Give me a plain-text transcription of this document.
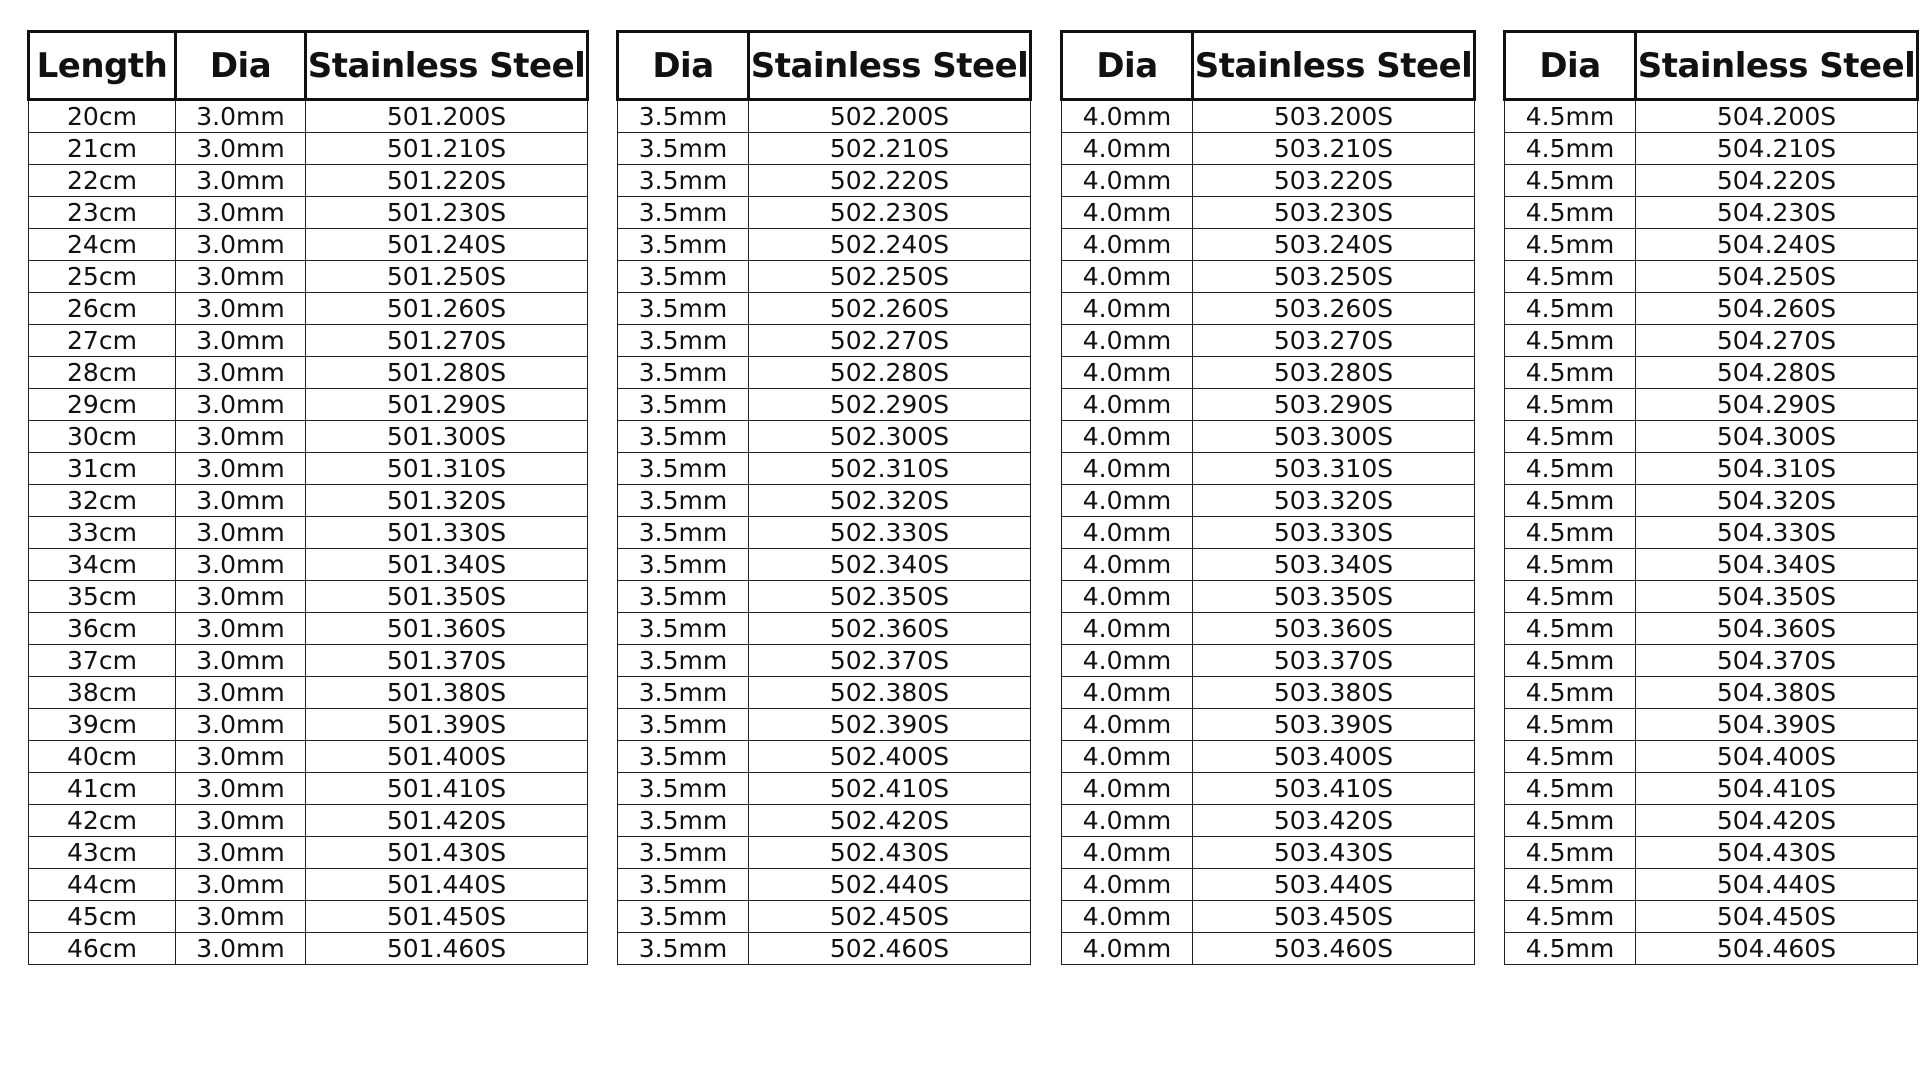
Length	Dia	Stainless Steel
20cm	3.0mm	501.200S
21cm	3.0mm	501.210S
22cm	3.0mm	501.220S
23cm	3.0mm	501.230S
24cm	3.0mm	501.240S
25cm	3.0mm	501.250S
26cm	3.0mm	501.260S
27cm	3.0mm	501.270S
28cm	3.0mm	501.280S
29cm	3.0mm	501.290S
30cm	3.0mm	501.300S
31cm	3.0mm	501.310S
32cm	3.0mm	501.320S
33cm	3.0mm	501.330S
34cm	3.0mm	501.340S
35cm	3.0mm	501.350S
36cm	3.0mm	501.360S
37cm	3.0mm	501.370S
38cm	3.0mm	501.380S
39cm	3.0mm	501.390S
40cm	3.0mm	501.400S
41cm	3.0mm	501.410S
42cm	3.0mm	501.420S
43cm	3.0mm	501.430S
44cm	3.0mm	501.440S
45cm	3.0mm	501.450S
46cm	3.0mm	501.460S
Dia	Stainless Steel
3.5mm	502.200S
3.5mm	502.210S
3.5mm	502.220S
3.5mm	502.230S
3.5mm	502.240S
3.5mm	502.250S
3.5mm	502.260S
3.5mm	502.270S
3.5mm	502.280S
3.5mm	502.290S
3.5mm	502.300S
3.5mm	502.310S
3.5mm	502.320S
3.5mm	502.330S
3.5mm	502.340S
3.5mm	502.350S
3.5mm	502.360S
3.5mm	502.370S
3.5mm	502.380S
3.5mm	502.390S
3.5mm	502.400S
3.5mm	502.410S
3.5mm	502.420S
3.5mm	502.430S
3.5mm	502.440S
3.5mm	502.450S
3.5mm	502.460S
Dia	Stainless Steel
4.0mm	503.200S
4.0mm	503.210S
4.0mm	503.220S
4.0mm	503.230S
4.0mm	503.240S
4.0mm	503.250S
4.0mm	503.260S
4.0mm	503.270S
4.0mm	503.280S
4.0mm	503.290S
4.0mm	503.300S
4.0mm	503.310S
4.0mm	503.320S
4.0mm	503.330S
4.0mm	503.340S
4.0mm	503.350S
4.0mm	503.360S
4.0mm	503.370S
4.0mm	503.380S
4.0mm	503.390S
4.0mm	503.400S
4.0mm	503.410S
4.0mm	503.420S
4.0mm	503.430S
4.0mm	503.440S
4.0mm	503.450S
4.0mm	503.460S
Dia	Stainless Steel
4.5mm	504.200S
4.5mm	504.210S
4.5mm	504.220S
4.5mm	504.230S
4.5mm	504.240S
4.5mm	504.250S
4.5mm	504.260S
4.5mm	504.270S
4.5mm	504.280S
4.5mm	504.290S
4.5mm	504.300S
4.5mm	504.310S
4.5mm	504.320S
4.5mm	504.330S
4.5mm	504.340S
4.5mm	504.350S
4.5mm	504.360S
4.5mm	504.370S
4.5mm	504.380S
4.5mm	504.390S
4.5mm	504.400S
4.5mm	504.410S
4.5mm	504.420S
4.5mm	504.430S
4.5mm	504.440S
4.5mm	504.450S
4.5mm	504.460S
